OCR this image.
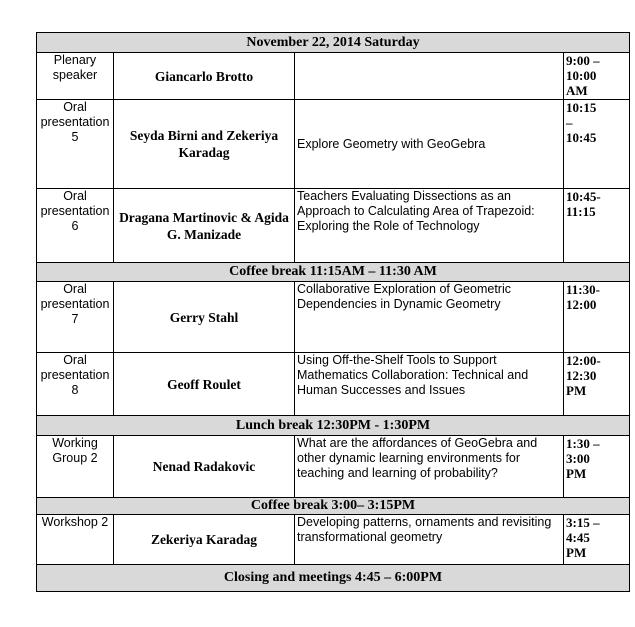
November 22, 2014 Saturday			
Plenary speaker	Giancarlo Brotto		9:00 –
10:00
AM
Oral presentation 5	Seyda Birni and Zekeriya Karadag	Explore Geometry with GeoGebra	10:15
–
10:45
Oral presentation 6	Dragana Martinovic & Agida G. Manizade	Teachers Evaluating Dissections as an Approach to Calculating Area of Trapezoid: Exploring the Role of Technology	10:45-
11:15
Coffee break 11:15AM – 11:30 AM			
Oral presentation 7	Gerry Stahl	Collaborative Exploration of Geometric Dependencies in Dynamic Geometry	11:30-
12:00
Oral presentation 8	Geoff Roulet	Using Off-the-Shelf Tools to Support Mathematics Collaboration: Technical and Human Successes and Issues	12:00-
12:30
PM
Lunch break 12:30PM - 1:30PM			
Working Group 2	Nenad Radakovic	What are the affordances of GeoGebra and other dynamic learning environments for teaching and learning of probability?	1:30 –
3:00
PM
Coffee break 3:00– 3:15PM			
Workshop 2	Zekeriya Karadag	Developing patterns, ornaments and revisiting transformational geometry	3:15 –
4:45
PM
Closing and meetings 4:45 – 6:00PM			
